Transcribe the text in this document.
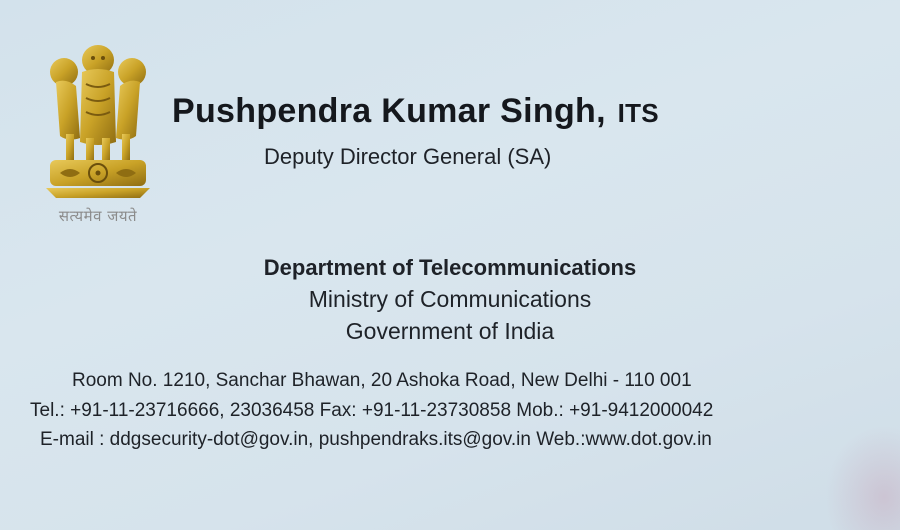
सत्यमेव जयते
Pushpendra Kumar Singh, ITS
Deputy Director General (SA)
Department of Telecommunications
Ministry of Communications
Government of India
Room No. 1210, Sanchar Bhawan, 20 Ashoka Road, New Delhi - 110 001
Tel.: +91-11-23716666, 23036458 Fax: +91-11-23730858 Mob.: +91-9412000042
E-mail : ddgsecurity-dot@gov.in, pushpendraks.its@gov.in Web.:www.dot.gov.in
